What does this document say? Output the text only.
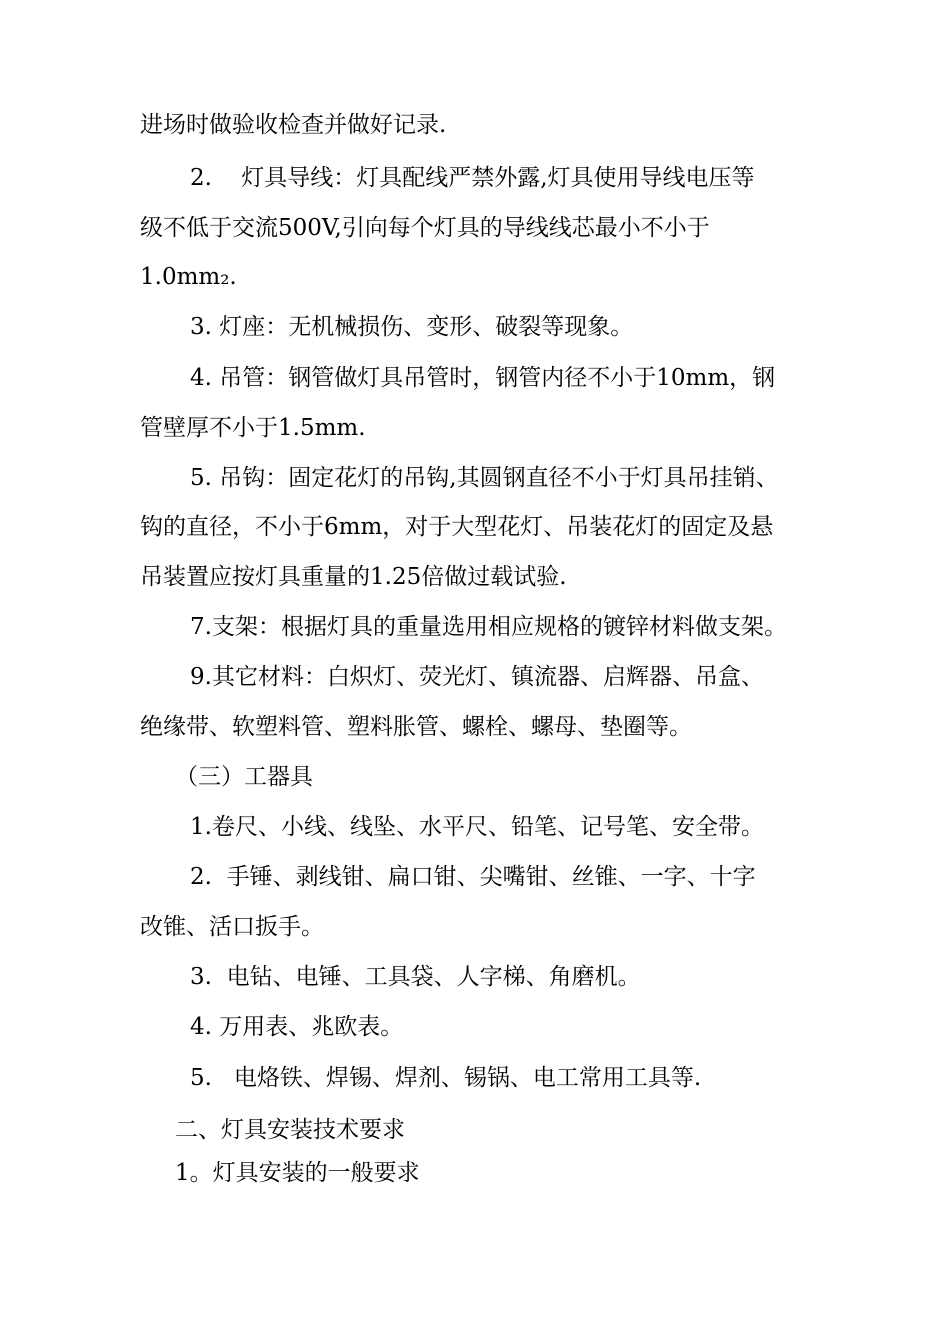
进场时做验收检查并做好记录.
2.    灯具导线：灯具配线严禁外露,灯具使用导线电压等
级不低于交流500V,引向每个灯具的导线线芯最小不小于
1.0mm₂.
3. 灯座：无机械损伤、变形、破裂等现象。
4. 吊管：钢管做灯具吊管时，钢管内径不小于10mm，钢
管壁厚不小于1.5mm.
5. 吊钩：固定花灯的吊钩,其圆钢直径不小于灯具吊挂销、
钩的直径，不小于6mm，对于大型花灯、吊装花灯的固定及悬
吊装置应按灯具重量的1.25倍做过载试验.
7.支架：根据灯具的重量选用相应规格的镀锌材料做支架。
9.其它材料：白炽灯、荧光灯、镇流器、启辉器、吊盒、
绝缘带、软塑料管、塑料胀管、螺栓、螺母、垫圈等。
（三）工器具
1.卷尺、小线、线坠、水平尺、铅笔、记号笔、安全带。
2.  手锤、剥线钳、扁口钳、尖嘴钳、丝锥、一字、十字
改锥、活口扳手。
3.  电钻、电锤、工具袋、人字梯、角磨机。
4. 万用表、兆欧表。
5.   电烙铁、焊锡、焊剂、锡锅、电工常用工具等.
二、灯具安装技术要求
1。灯具安装的一般要求
